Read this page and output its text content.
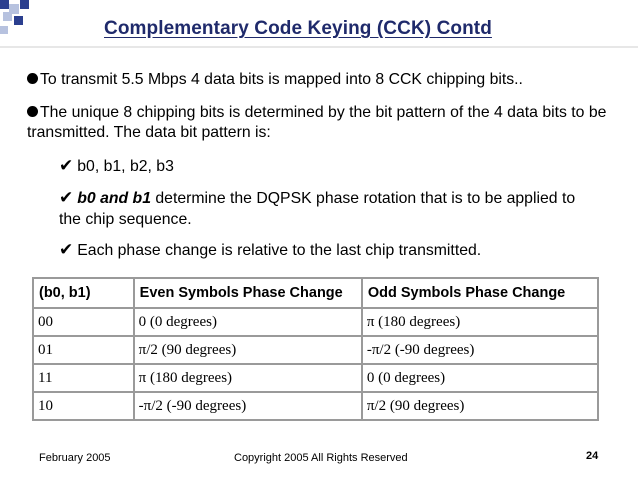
Complementary Code Keying (CCK) Contd
To transmit 5.5 Mbps 4 data bits is mapped into 8 CCK chipping bits..
The unique 8 chipping bits is determined by the bit pattern of the 4 data bits to be transmitted. The data bit pattern is:
✔ b0, b1, b2, b3
✔ b0 and b1 determine the DQPSK phase rotation that is to be applied to the chip sequence.
✔ Each phase change is relative to the last chip transmitted.
(b0, b1)	Even Symbols Phase Change	Odd Symbols Phase Change
00	0 (0 degrees)	π (180 degrees)
01	π/2 (90 degrees)	-π/2 (-90 degrees)
11	π (180 degrees)	0 (0 degrees)
10	-π/2 (-90 degrees)	π/2 (90 degrees)
February 2005	Copyright 2005 All Rights Reserved	24
